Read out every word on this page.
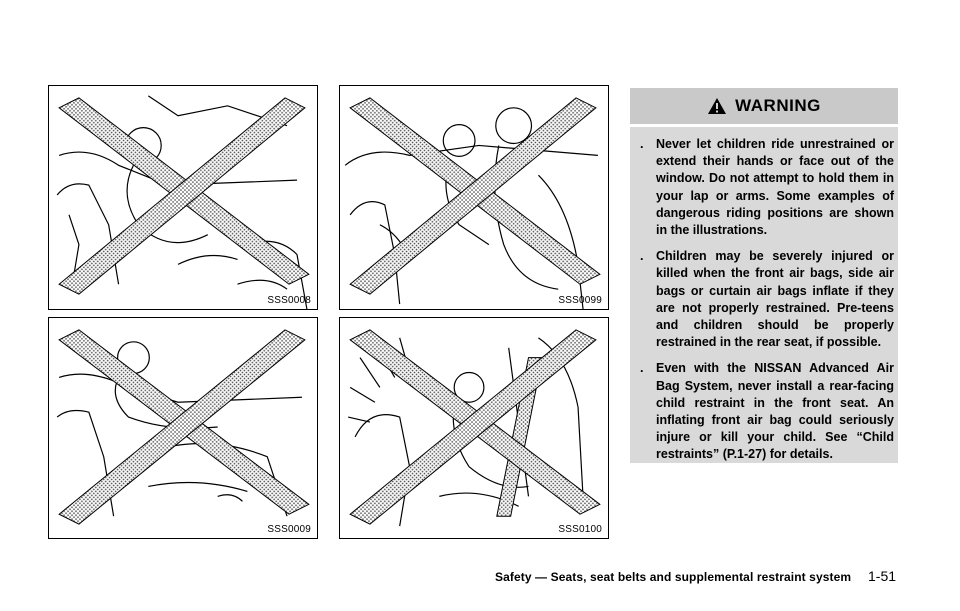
SSS0008	SSS0099
SSS0009	SSS0100
WARNING
. Never let children ride unrestrained or extend their hands or face out of the window. Do not attempt to hold them in your lap or arms. Some examples of dangerous riding positions are shown in the illustrations.
. Children may be severely injured or killed when the front air bags, side air bags or curtain air bags inflate if they are not properly restrained. Pre-teens and children should be properly restrained in the rear seat, if possible.
. Even with the NISSAN Advanced Air Bag System, never install a rear-facing child restraint in the front seat. An inflating front air bag could seriously injure or kill your child. See “Child restraints” (P.1-27) for details.
Safety — Seats, seat belts and supplemental restraint system 1-51
